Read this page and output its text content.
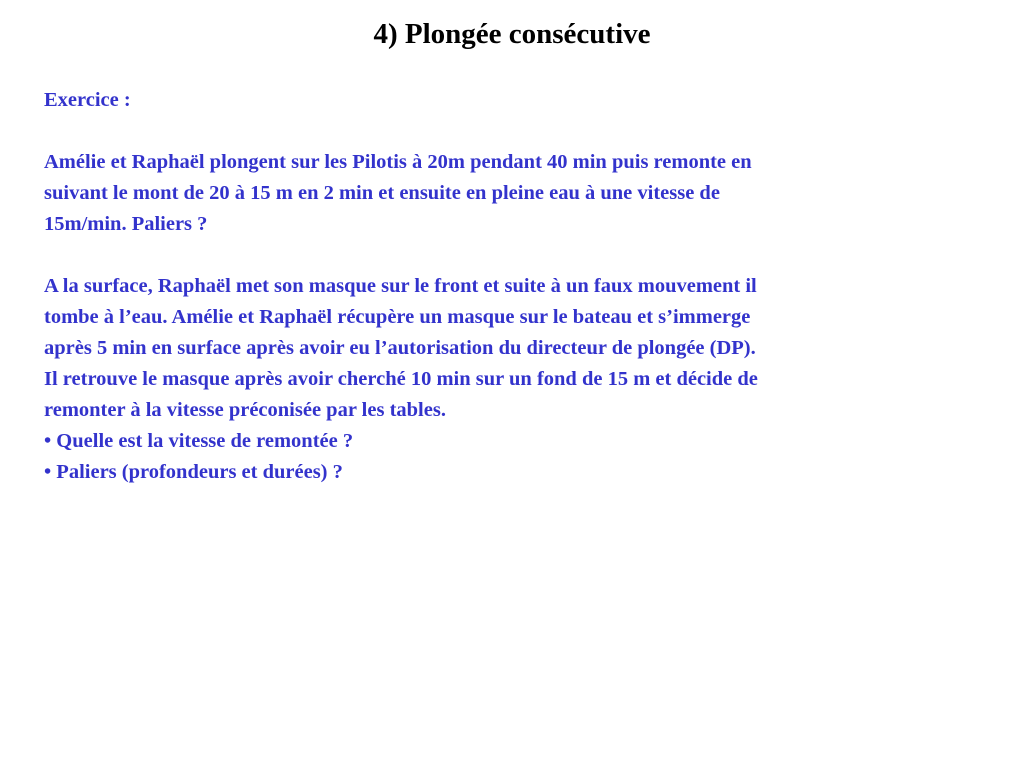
4) Plongée consécutive

Exercice :

Amélie et Raphaël plongent sur les Pilotis à 20m pendant 40 min puis remonte en

suivant le mont de 20 à 15 m en 2 min et ensuite en pleine eau à une vitesse de

15m/min. Paliers ?

A la surface, Raphaël met son masque sur le front et suite à un faux mouvement il

tombe à l’eau. Amélie et Raphaël récupère un masque sur le bateau et s’immerge

après 5 min en surface après avoir eu l’autorisation du directeur de plongée (DP).

Il retrouve le masque après avoir cherché 10 min sur un fond de 15 m et décide de

remonter à la vitesse préconisée par les tables.

• Quelle est la vitesse de remontée ?

• Paliers (profondeurs et durées) ?
